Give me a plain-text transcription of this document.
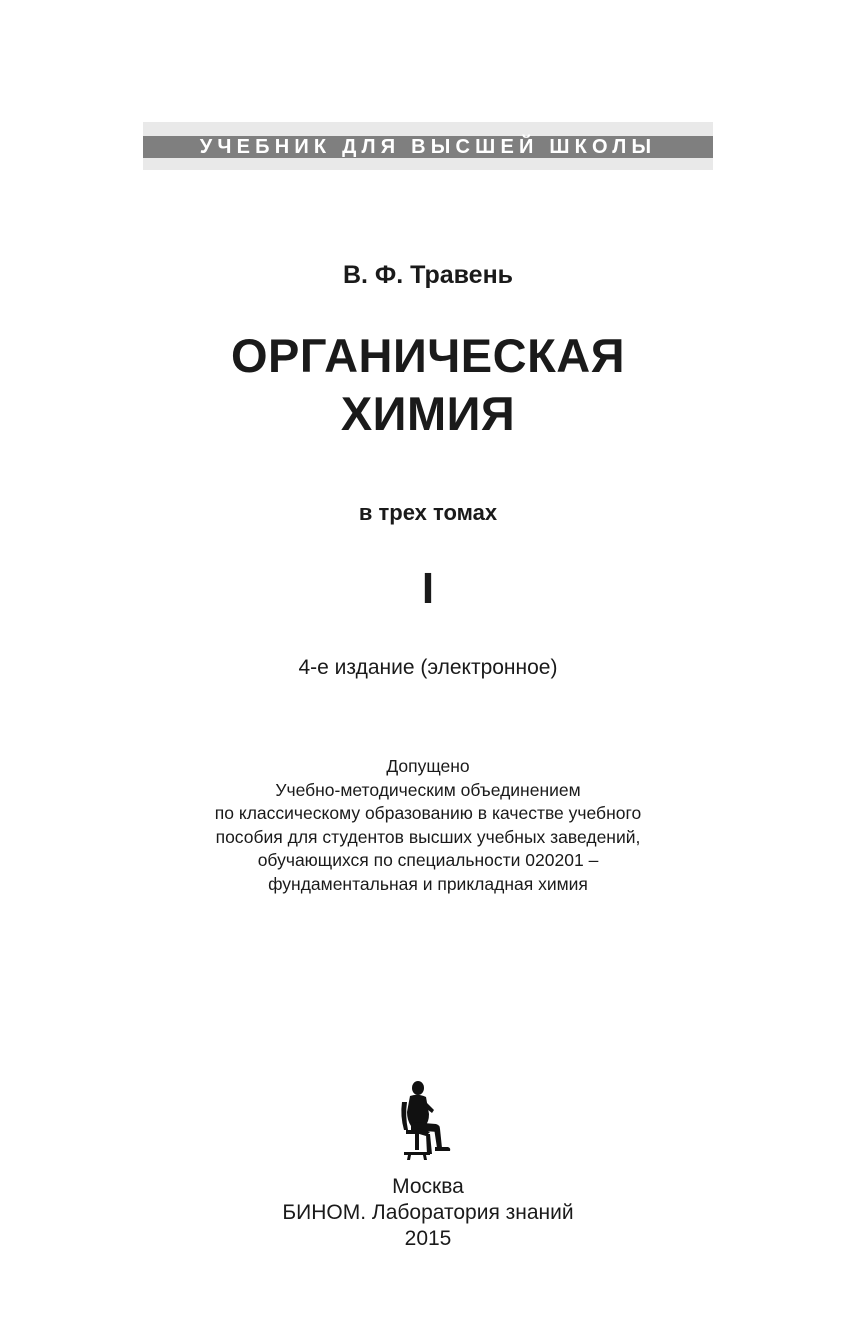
УЧЕБНИК ДЛЯ ВЫСШЕЙ ШКОЛЫ
В. Ф. Травень
ОРГАНИЧЕСКАЯ
ХИМИЯ
в трех томах
I
4-е издание (электронное)
Допущено
Учебно-методическим объединением
по классическому образованию в качестве учебного
пособия для студентов высших учебных заведений,
обучающихся по специальности 020201 –
фундаментальная и прикладная химия
Москва
БИНОМ. Лаборатория знаний
2015
